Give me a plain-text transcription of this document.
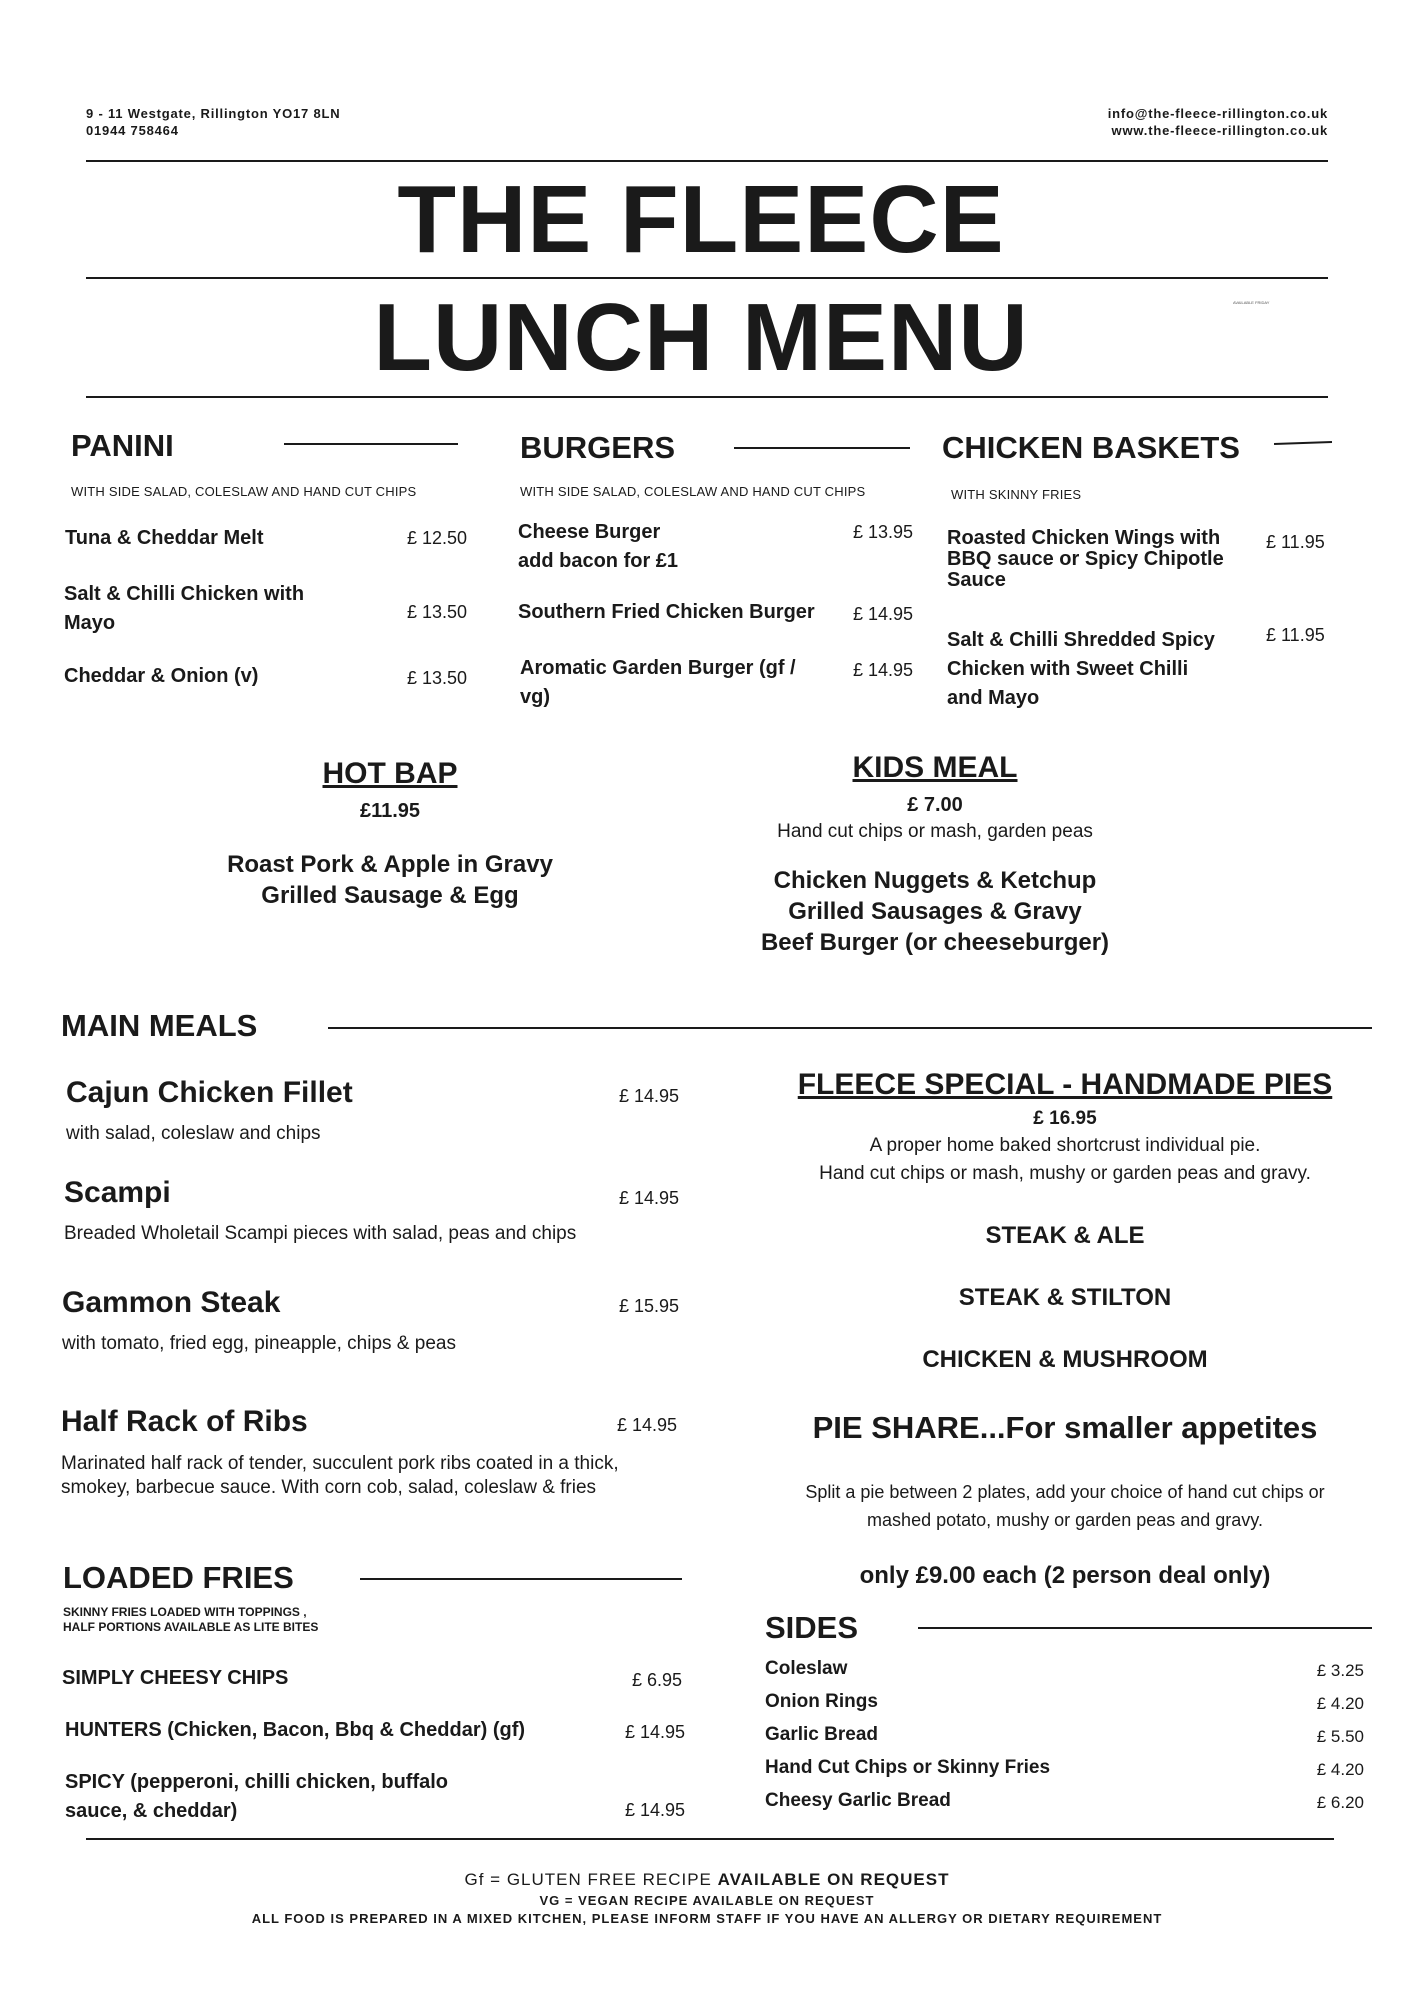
9 - 11 Westgate, Rillington YO17 8LN
01944 758464
info@the-fleece-rillington.co.uk
www.the-fleece-rillington.co.uk
THE FLEECE
LUNCH MENU	AVAILABLE FRIDAY
PANINI
WITH SIDE SALAD, COLESLAW AND HAND CUT CHIPS
Tuna & Cheddar Melt	£ 12.50
Salt & Chilli Chicken with
Mayo	£ 13.50
Cheddar & Onion (v)	£ 13.50
BURGERS
WITH SIDE SALAD, COLESLAW AND HAND CUT CHIPS
Cheese Burger
add bacon for £1
£ 13.95
Southern Fried Chicken Burger £ 14.95
Aromatic Garden Burger (gf /
vg)
£ 14.95
CHICKEN BASKETS
WITH SKINNY FRIES
Roasted Chicken Wings with
BBQ sauce or Spicy Chipotle
Sauce
£ 11.95
Salt & Chilli Shredded Spicy
Chicken with Sweet Chilli
and Mayo
£ 11.95
HOT BAP
£11.95
Roast Pork & Apple in Gravy
Grilled Sausage & Egg
KIDS MEAL
£ 7.00
Hand cut chips or mash, garden peas
Chicken Nuggets & Ketchup
Grilled Sausages & Gravy
Beef Burger (or cheeseburger)
MAIN MEALS
Cajun Chicken Fillet	£ 14.95
with salad, coleslaw and chips
Scampi	£ 14.95
Breaded Wholetail Scampi pieces with salad, peas and chips
Gammon Steak	£ 15.95
with tomato, fried egg, pineapple, chips & peas
Half Rack of Ribs	£ 14.95
Marinated half rack of tender, succulent pork ribs coated in a thick,
smokey, barbecue sauce. With corn cob, salad, coleslaw & fries
FLEECE SPECIAL - HANDMADE PIES
£ 16.95
A proper home baked shortcrust individual pie.
Hand cut chips or mash, mushy or garden peas and gravy.
STEAK & ALE
STEAK & STILTON
CHICKEN & MUSHROOM
PIE SHARE...For smaller appetites
Split a pie between 2 plates, add your choice of hand cut chips or
mashed potato, mushy or garden peas and gravy.
only £9.00 each (2 person deal only)
LOADED FRIES
SKINNY FRIES LOADED WITH TOPPINGS ,
HALF PORTIONS AVAILABLE AS LITE BITES
SIMPLY CHEESY CHIPS	£ 6.95
HUNTERS (Chicken, Bacon, Bbq & Cheddar) (gf)	£ 14.95
SPICY (pepperoni, chilli chicken, buffalo
sauce, & cheddar)	£ 14.95
SIDES
Coleslaw	£ 3.25
Onion Rings	£ 4.20
Garlic Bread	£ 5.50
Hand Cut Chips or Skinny Fries	£ 4.20
Cheesy Garlic Bread	£ 6.20
Gf = GLUTEN FREE RECIPE AVAILABLE ON REQUEST
VG = VEGAN RECIPE AVAILABLE ON REQUEST
ALL FOOD IS PREPARED IN A MIXED KITCHEN, PLEASE INFORM STAFF IF YOU HAVE AN ALLERGY OR DIETARY REQUIREMENT
